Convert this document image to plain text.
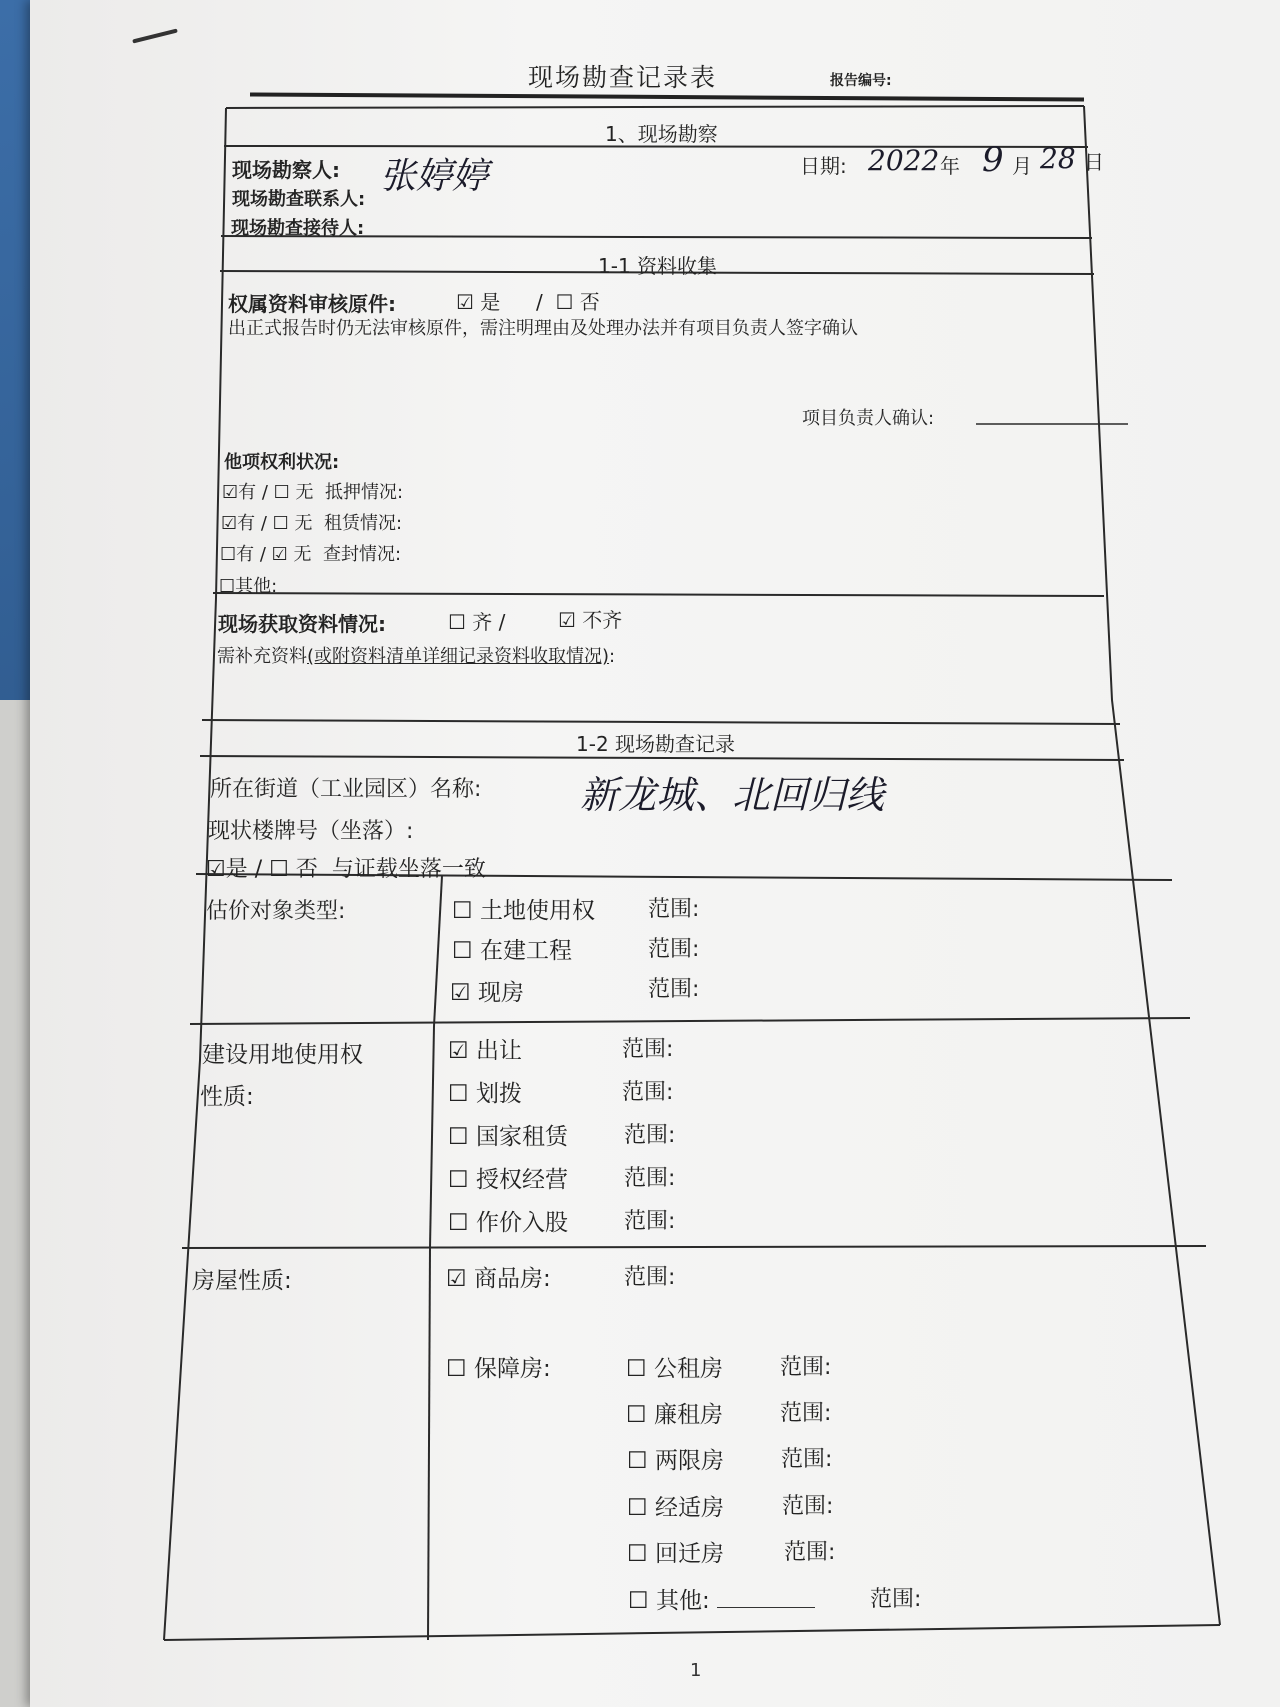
现场勘查记录表	报告编号:
1、现场勘察
现场勘察人: 张婷婷	日期: 2022 年 9 月 28 日
现场勘查联系人:
现场勘查接待人:
1-1 资料收集
权属资料审核原件:	☑ 是 /  ☐ 否
出正式报告时仍无法审核原件，需注明理由及处理办法并有项目负责人签字确认
项目负责人确认:
他项权利状况:
☑有 / ☐ 无 抵押情况:
☑有 / ☐ 无 租赁情况:
☐有 / ☑ 无 查封情况:
☐其他:
现场获取资料情况:	☐ 齐 /	☑ 不齐
需补充资料(或附资料清单详细记录资料收取情况):
1-2 现场勘查记录
所在街道（工业园区）名称:	新龙城、北回归线
现状楼牌号（坐落）:
☑是 / ☐ 否 与证载坐落一致
估价对象类型:	☐ 土地使用权 范围:
☐ 在建工程	范围:
☑ 现房	范围:
建设用地使用权
性质:
☑ 出让	范围:
☐ 划拨	范围:
☐ 国家租赁	范围:
☐ 授权经营	范围:
☐ 作价入股	范围:
房屋性质:	☑ 商品房:	范围:
☐ 保障房:	☐ 公租房	范围:
☐ 廉租房	范围:
☐ 两限房	范围:
☐ 经适房	范围:
☐ 回迁房	范围:
☐ 其他:	范围:
1
